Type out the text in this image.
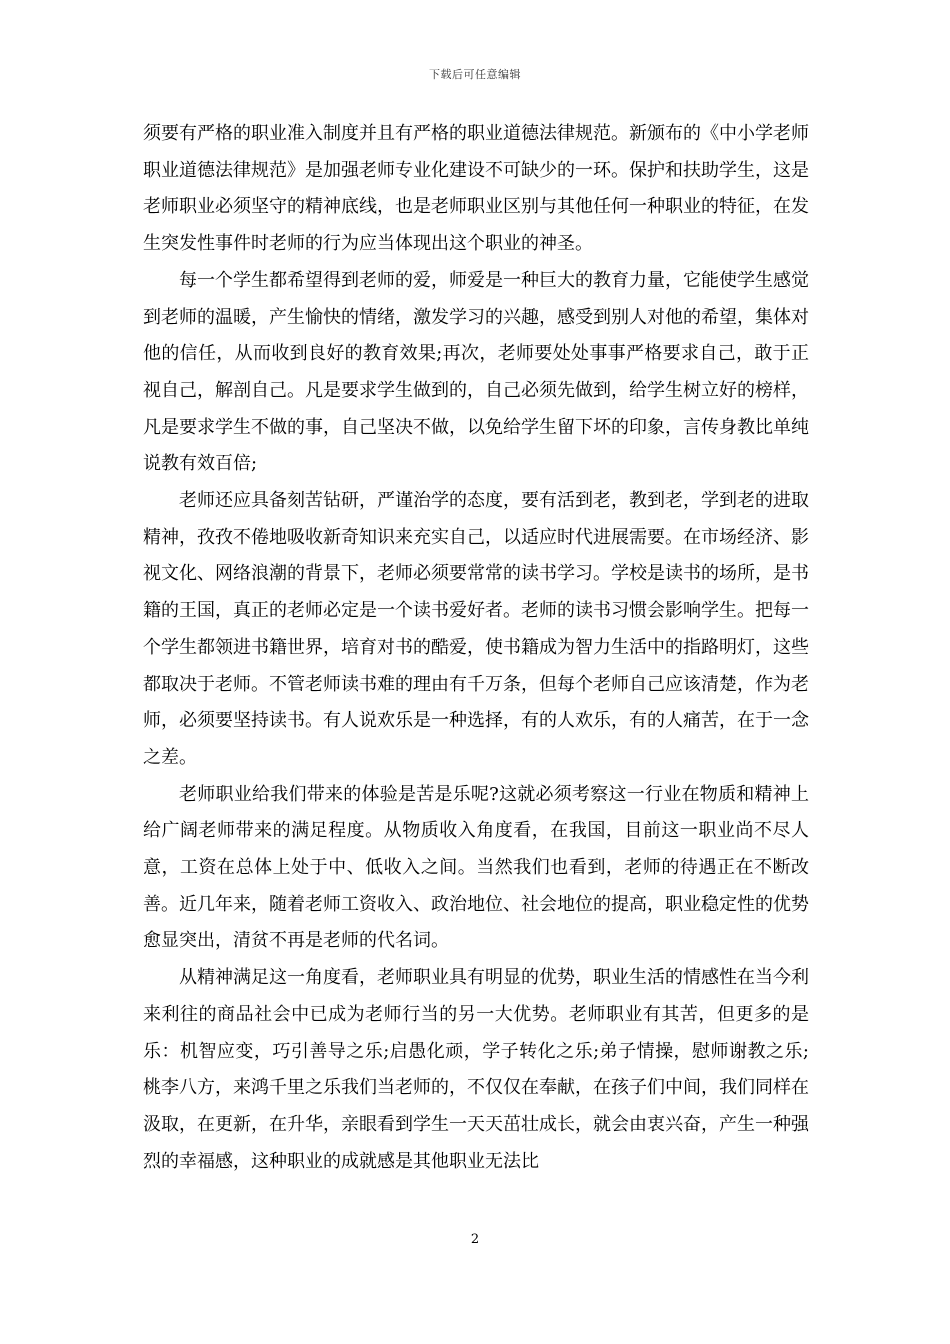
下载后可任意编辑

须要有严格的职业准入制度并且有严格的职业道德法律规范。新颁布的《中小学老师职业道德法律规范》是加强老师专业化建设不可缺少的一环。保护和扶助学生，这是老师职业必须坚守的精神底线，也是老师职业区别与其他任何一种职业的特征，在发生突发性事件时老师的行为应当体现出这个职业的神圣。

每一个学生都希望得到老师的爱，师爱是一种巨大的教育力量，它能使学生感觉到老师的温暖，产生愉快的情绪，激发学习的兴趣，感受到别人对他的希望，集体对他的信任，从而收到良好的教育效果;再次，老师要处处事事严格要求自己，敢于正视自己，解剖自己。凡是要求学生做到的，自己必须先做到，给学生树立好的榜样，凡是要求学生不做的事，自己坚决不做，以免给学生留下坏的印象，言传身教比单纯说教有效百倍;

老师还应具备刻苦钻研，严谨治学的态度，要有活到老，教到老，学到老的进取精神，孜孜不倦地吸收新奇知识来充实自己，以适应时代进展需要。在市场经济、影视文化、网络浪潮的背景下，老师必须要常常的读书学习。学校是读书的场所，是书籍的王国，真正的老师必定是一个读书爱好者。老师的读书习惯会影响学生。把每一个学生都领进书籍世界，培育对书的酷爱，使书籍成为智力生活中的指路明灯，这些都取决于老师。不管老师读书难的理由有千万条，但每个老师自己应该清楚，作为老师，必须要坚持读书。有人说欢乐是一种选择，有的人欢乐，有的人痛苦，在于一念之差。

老师职业给我们带来的体验是苦是乐呢?这就必须考察这一行业在物质和精神上给广阔老师带来的满足程度。从物质收入角度看，在我国，目前这一职业尚不尽人意，工资在总体上处于中、低收入之间。当然我们也看到，老师的待遇正在不断改善。近几年来，随着老师工资收入、政治地位、社会地位的提高，职业稳定性的优势愈显突出，清贫不再是老师的代名词。

从精神满足这一角度看，老师职业具有明显的优势，职业生活的情感性在当今利来利往的商品社会中已成为老师行当的另一大优势。老师职业有其苦，但更多的是乐：机智应变，巧引善导之乐;启愚化顽，学子转化之乐;弟子情操，慰师谢教之乐;桃李八方，来鸿千里之乐我们当老师的，不仅仅在奉献，在孩子们中间，我们同样在汲取，在更新，在升华，亲眼看到学生一天天茁壮成长，就会由衷兴奋，产生一种强烈的幸福感，这种职业的成就感是其他职业无法比

2
